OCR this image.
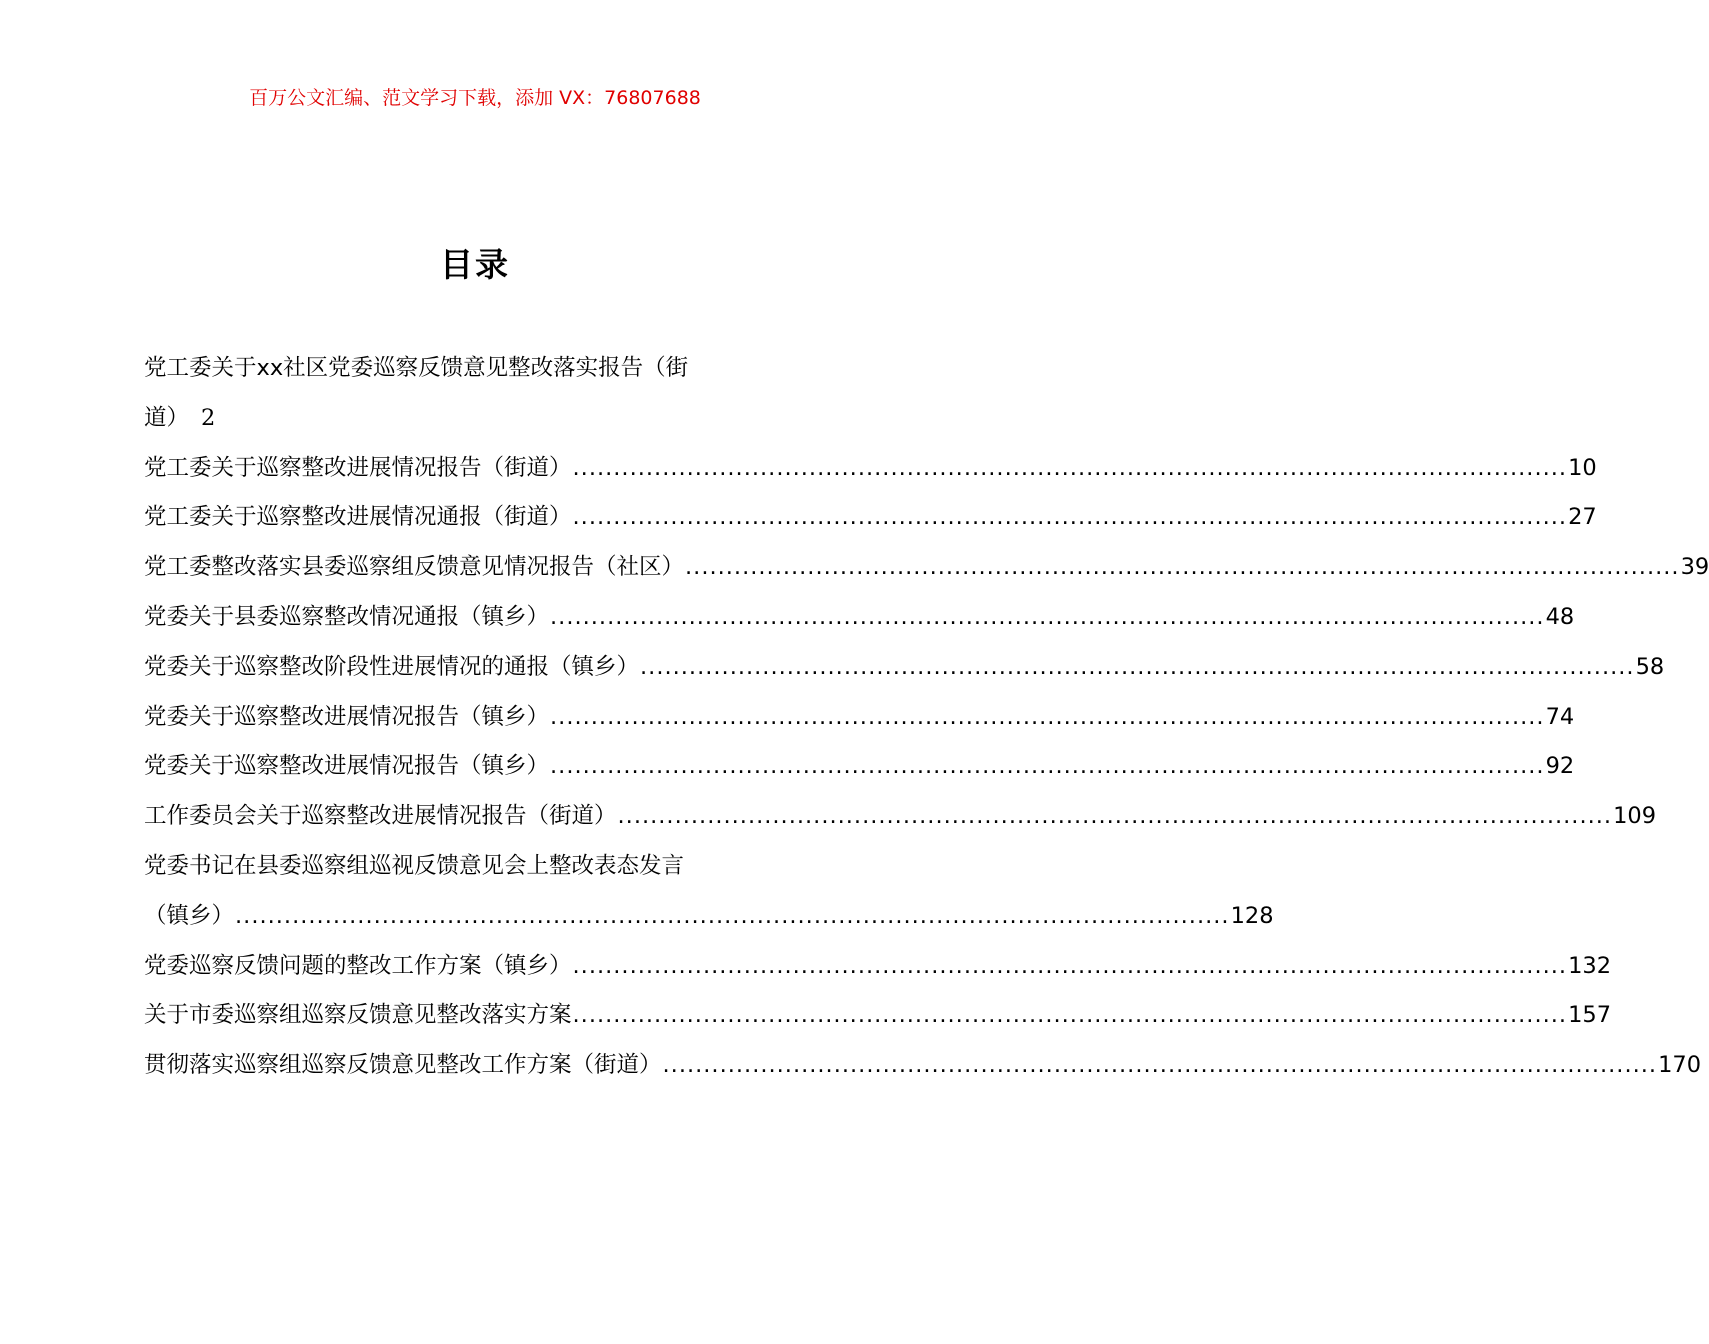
百万公文汇编、范文学习下载，添加 VX：76807688
目录
党工委关于xx社区党委巡察反馈意见整改落实报告（街
道） 2
党工委关于巡察整改进展情况报告（街道） .......................................................................................................................... 10
党工委关于巡察整改进展情况通报（街道） .......................................................................................................................... 27
党工委整改落实县委巡察组反馈意见情况报告（社区） .......................................................................................................................... 39
党委关于县委巡察整改情况通报（镇乡） .......................................................................................................................... 48
党委关于巡察整改阶段性进展情况的通报（镇乡） .......................................................................................................................... 58
党委关于巡察整改进展情况报告（镇乡） .......................................................................................................................... 74
党委关于巡察整改进展情况报告（镇乡） .......................................................................................................................... 92
工作委员会关于巡察整改进展情况报告（街道） .......................................................................................................................... 109
党委书记在县委巡察组巡视反馈意见会上整改表态发言
（镇乡） .......................................................................................................................... 128
党委巡察反馈问题的整改工作方案（镇乡） .......................................................................................................................... 132
关于市委巡察组巡察反馈意见整改落实方案 .......................................................................................................................... 157
贯彻落实巡察组巡察反馈意见整改工作方案（街道） .......................................................................................................................... 170
